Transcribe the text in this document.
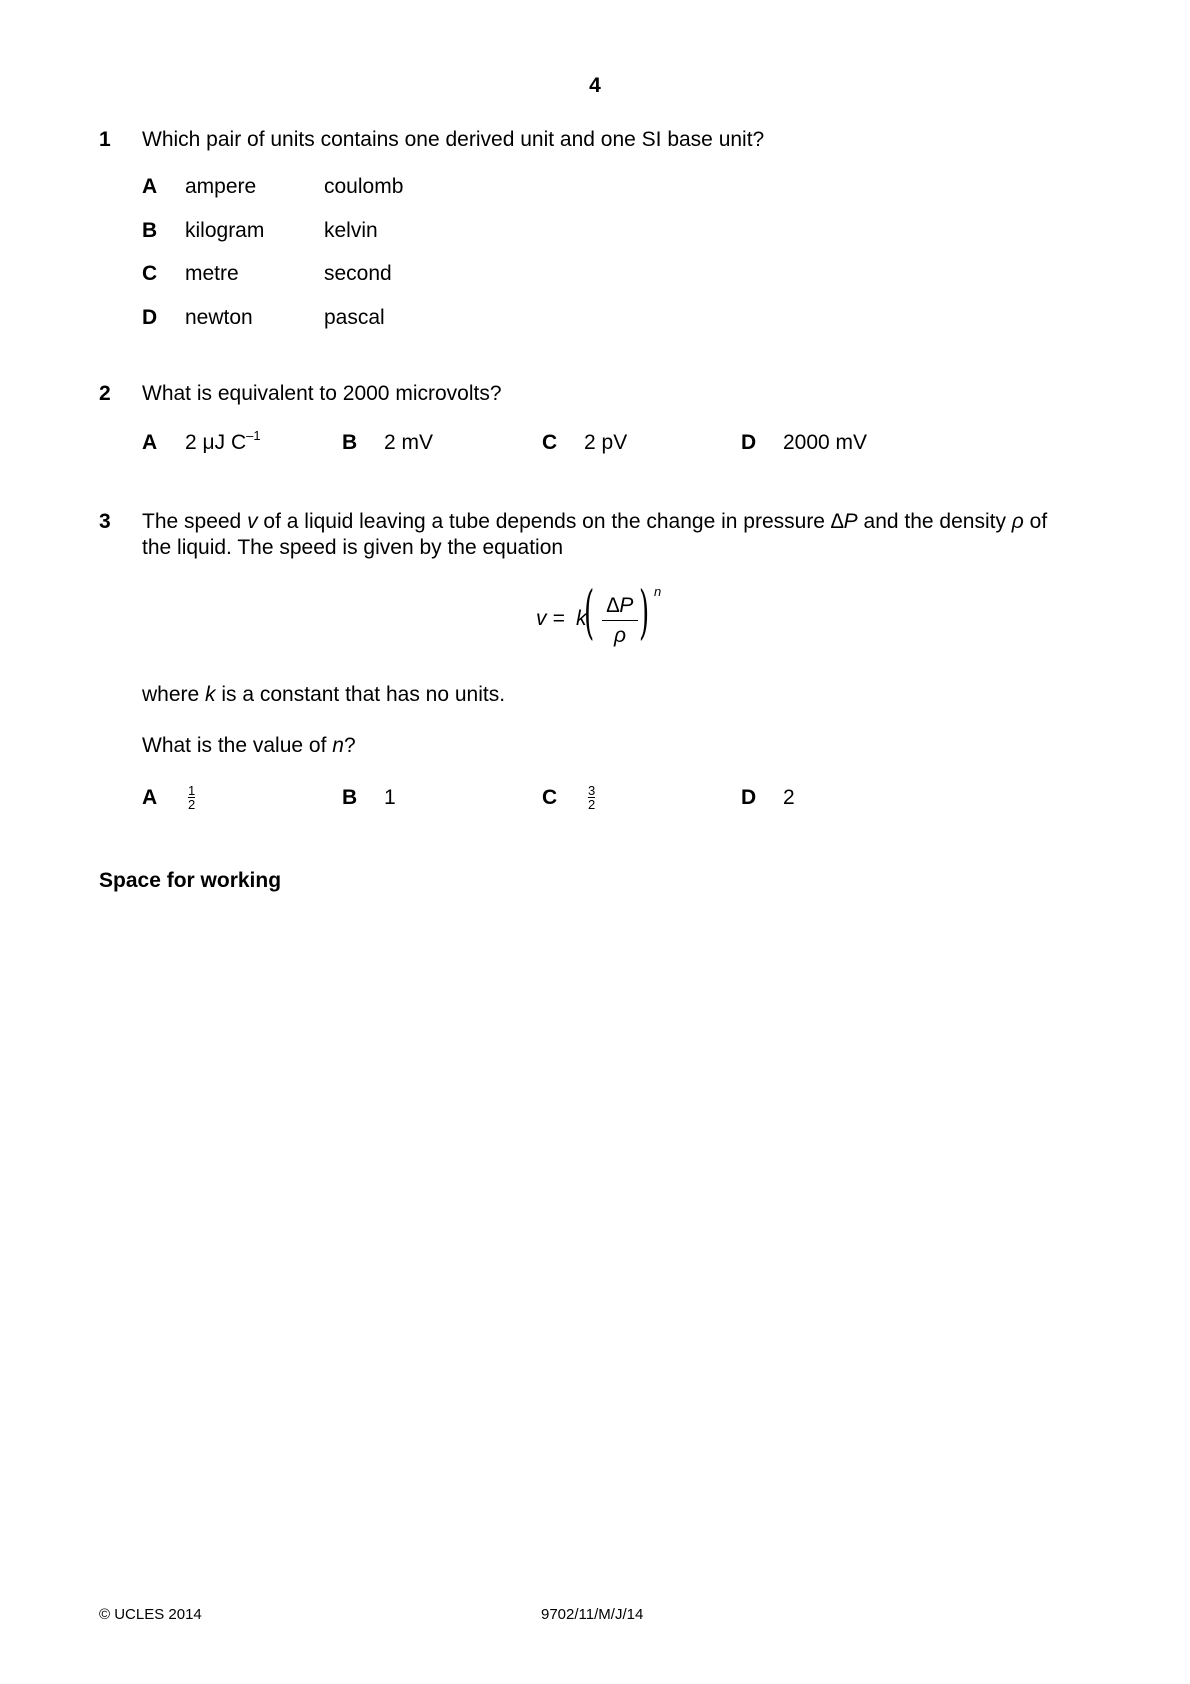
4
1 Which pair of units contains one derived unit and one SI base unit?
A ampere	coulomb
B kilogram	kelvin
C metre	second
D newton	pascal
2 What is equivalent to 2000 microvolts?
A 2 μJ $C^{-1}$	B 2 mV	C 2 pV	D 2000 mV
3 The speed v of a liquid leaving a tube depends on the change in pressure ∆P and the density ρ of
the liquid. The speed is given by the equation
v = k
( ∆P
ρ ) n
where k is a constant that has no units.
What is the value of n?
A $\frac{1}{2}$	B 1	C $\frac{3}{2}$	D 2
Space for working
© UCLES 2014	9702/11/M/J/14
